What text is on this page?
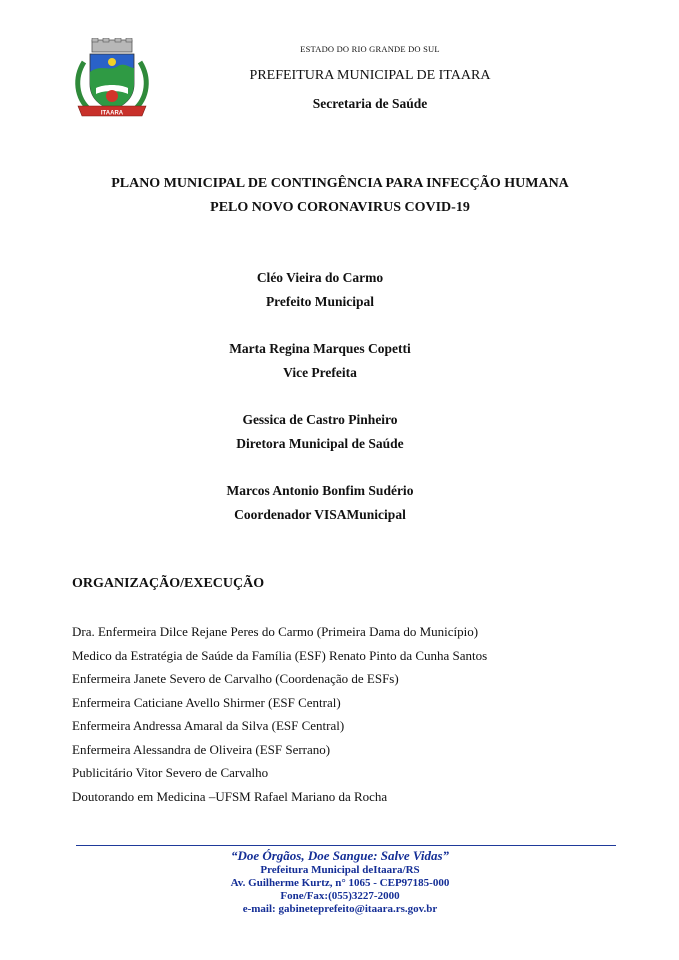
ITAARA
ESTADO DO RIO GRANDE DO SUL
PREFEITURA MUNICIPAL DE ITAARA
Secretaria de Saúde
PLANO MUNICIPAL DE CONTINGÊNCIA PARA INFECÇÃO HUMANA
PELO NOVO CORONAVIRUS COVID-19
Cléo Vieira do Carmo
Prefeito Municipal
Marta Regina Marques Copetti
Vice Prefeita
Gessica de Castro Pinheiro
Diretora Municipal de Saúde
Marcos Antonio Bonfim Sudério
Coordenador VISAMunicipal
ORGANIZAÇÃO/EXECUÇÃO
Dra. Enfermeira Dilce Rejane Peres do Carmo (Primeira Dama do Município)
Medico da Estratégia de Saúde da Família (ESF) Renato Pinto da Cunha Santos
Enfermeira Janete Severo de Carvalho (Coordenação de ESFs)
Enfermeira Caticiane Avello Shirmer (ESF Central)
Enfermeira Andressa Amaral da Silva (ESF Central)
Enfermeira Alessandra de Oliveira (ESF Serrano)
Publicitário Vitor Severo de Carvalho
Doutorando em Medicina –UFSM Rafael Mariano da Rocha
“Doe Órgãos, Doe Sangue: Salve Vidas”
Prefeitura Municipal deItaara/RS
Av. Guilherme Kurtz, n° 1065 - CEP97185-000
Fone/Fax:(055)3227-2000
e-mail: gabineteprefeito@itaara.rs.gov.br
